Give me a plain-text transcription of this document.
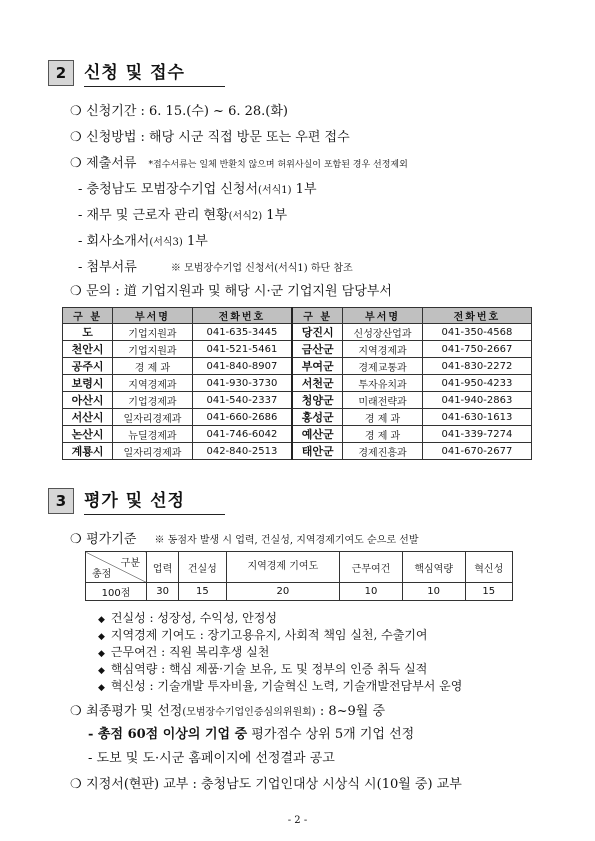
2	신청 및 접수
❍ 신청기간 : 6. 15.(수) ~ 6. 28.(화)
❍ 신청방법 : 해당 시군 직접 방문 또는 우편 접수
❍ 제출서류 *접수서류는 일체 반환치 않으며 허위사실이 포함된 경우 선정제외
- 충청남도 모범장수기업 신청서(서식1) 1부
- 재무 및 근로자 관리 현황(서식2) 1부
- 회사소개서(서식3) 1부
- 첨부서류	※ 모범장수기업 신청서(서식1) 하단 참조
❍ 문의 : 道 기업지원과 및 해당 시·군 기업지원 담당부서
구 분	부서명	전화번호	구 분	부서명	전화번호
도	기업지원과	041-635-3445	당진시	신성장산업과	041-350-4568
천안시	기업지원과	041-521-5461	금산군	지역경제과	041-750-2667
공주시	경 제 과	041-840-8907	부여군	경제교통과	041-830-2272
보령시	지역경제과	041-930-3730	서천군	투자유치과	041-950-4233
아산시	기업경제과	041-540-2337	청양군	미래전략과	041-940-2863
서산시	일자리경제과	041-660-2686	홍성군	경 제 과	041-630-1613
논산시	뉴딜경제과	041-746-6042	예산군	경 제 과	041-339-7274
계룡시	일자리경제과	042-840-2513	태안군	경제진흥과	041-670-2677
3	평가 및 선정
❍ 평가기준 ※ 동점자 발생 시 업력, 건실성, 지역경제기여도 순으로 선발
구분
총점	업력	건실성	지역경제 기여도	근무여건	핵심역량	혁신성
100점	30	15	20	10	10	15
◆ 건실성 : 성장성, 수익성, 안정성
◆ 지역경제 기여도 : 장기고용유지, 사회적 책임 실천, 수출기여
◆ 근무여건 : 직원 복리후생 실천
◆ 핵심역량 : 핵심 제품·기술 보유, 도 및 정부의 인증 취득 실적
◆ 혁신성 : 기술개발 투자비율, 기술혁신 노력, 기술개발전담부서 운영
❍ 최종평가 및 선정(모범장수기업인증심의위원회) : 8~9월 중
- 총점 60점 이상의 기업 중 평가점수 상위 5개 기업 선정
- 도보 및 도·시군 홈페이지에 선정결과 공고
❍ 지정서(현판) 교부 : 충청남도 기업인대상 시상식 시(10월 중) 교부
- 2 -
